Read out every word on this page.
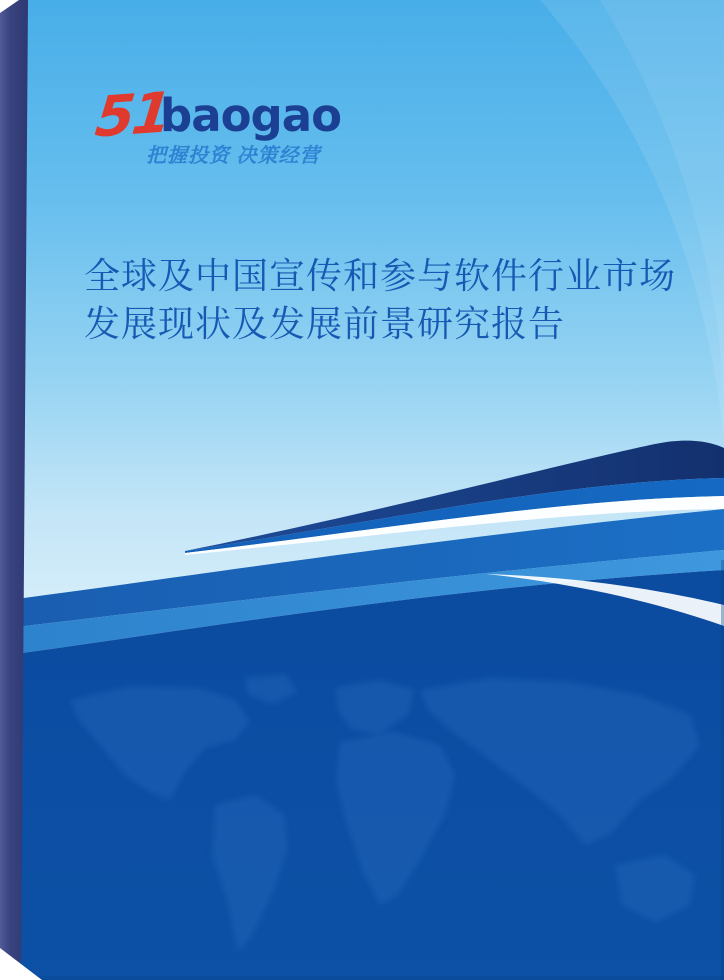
51
baogao
把握投资 决策经营
全球及中国宣传和参与软件行业市场
发展现状及发展前景研究报告
